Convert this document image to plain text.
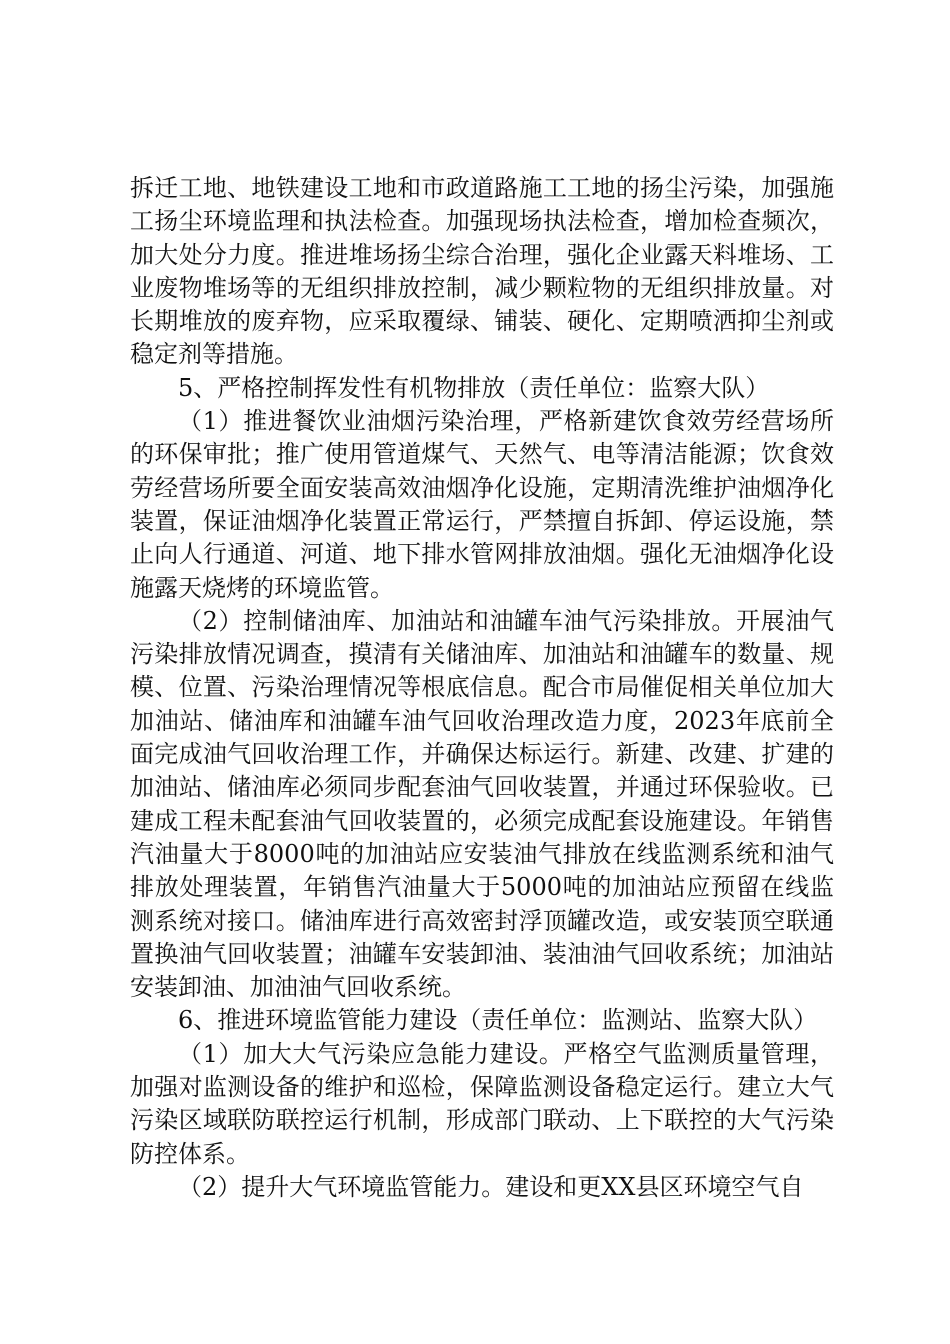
拆迁工地、地铁建设工地和市政道路施工工地的扬尘污染，加强施工扬尘环境监理和执法检查。加强现场执法检查，增加检查频次，加大处分力度。推进堆场扬尘综合治理，强化企业露天料堆场、工业废物堆场等的无组织排放控制，减少颗粒物的无组织排放量。对长期堆放的废弃物，应采取覆绿、铺装、硬化、定期喷洒抑尘剂或稳定剂等措施。

5、严格控制挥发性有机物排放（责任单位：监察大队）

（1）推进餐饮业油烟污染治理，严格新建饮食效劳经营场所的环保审批；推广使用管道煤气、天然气、电等清洁能源；饮食效劳经营场所要全面安装高效油烟净化设施，定期清洗维护油烟净化装置，保证油烟净化装置正常运行，严禁擅自拆卸、停运设施，禁止向人行通道、河道、地下排水管网排放油烟。强化无油烟净化设施露天烧烤的环境监管。

（2）控制储油库、加油站和油罐车油气污染排放。开展油气污染排放情况调查，摸清有关储油库、加油站和油罐车的数量、规模、位置、污染治理情况等根底信息。配合市局催促相关单位加大加油站、储油库和油罐车油气回收治理改造力度，2023年底前全面完成油气回收治理工作，并确保达标运行。新建、改建、扩建的加油站、储油库必须同步配套油气回收装置，并通过环保验收。已建成工程未配套油气回收装置的，必须完成配套设施建设。年销售汽油量大于8000吨的加油站应安装油气排放在线监测系统和油气排放处理装置，年销售汽油量大于5000吨的加油站应预留在线监测系统对接口。储油库进行高效密封浮顶罐改造，或安装顶空联通置换油气回收装置；油罐车安装卸油、装油油气回收系统；加油站安装卸油、加油油气回收系统。

6、推进环境监管能力建设（责任单位：监测站、监察大队）

（1）加大大气污染应急能力建设。严格空气监测质量管理，加强对监测设备的维护和巡检，保障监测设备稳定运行。建立大气污染区域联防联控运行机制，形成部门联动、上下联控的大气污染防控体系。

（2）提升大气环境监管能力。建设和更XX县区环境空气自
